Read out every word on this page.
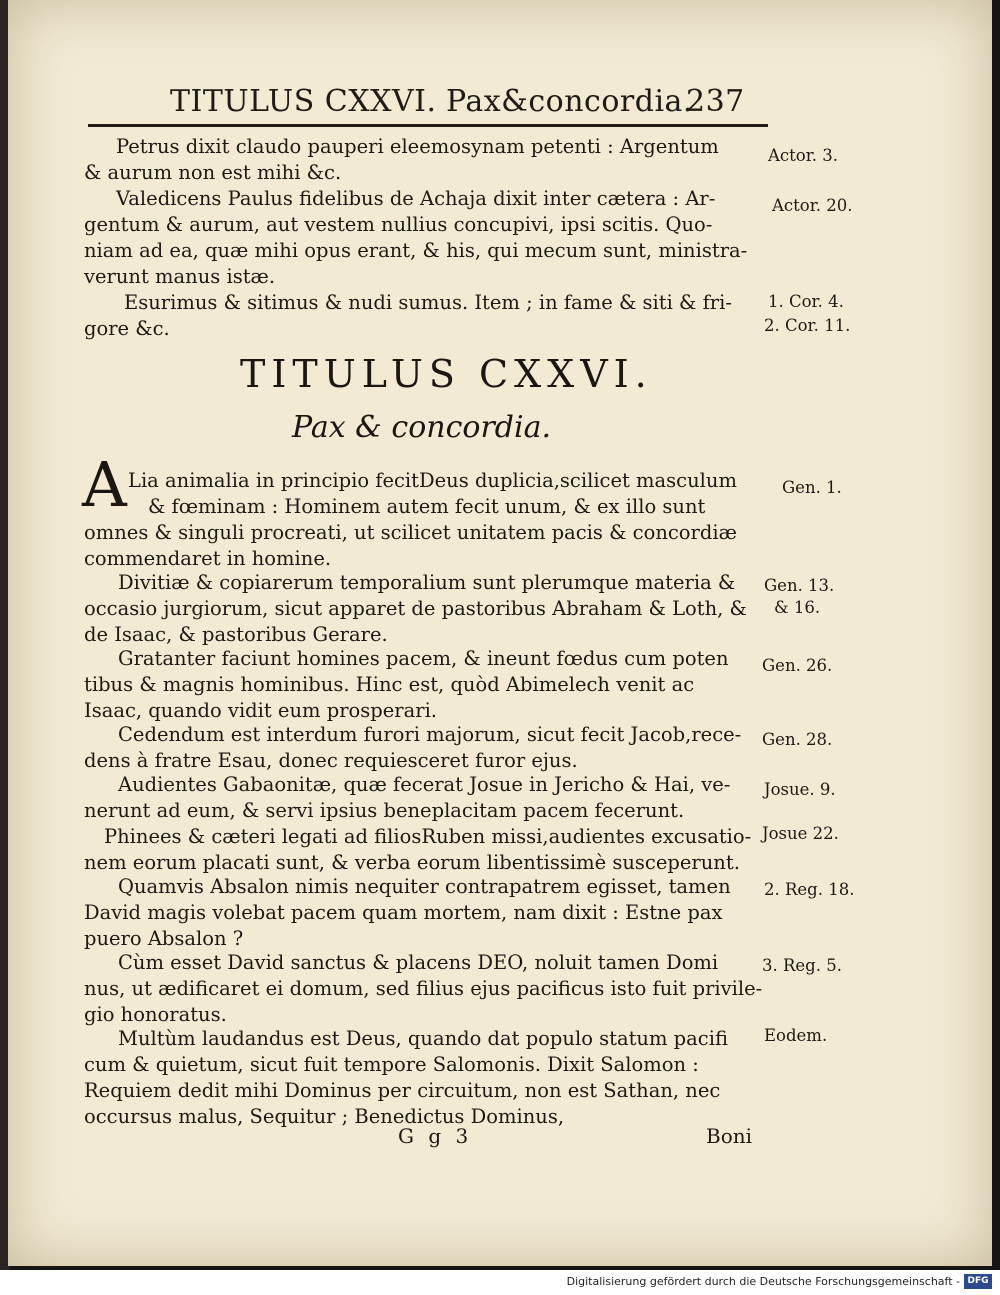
TITULUS CXXVI. Pax&concordia.
237
Petrus dixit claudo pauperi eleemosynam petenti : Argentum
& aurum non est mihi &c.
Valedicens Paulus fidelibus de Achaja dixit inter cætera : Ar-
gentum & aurum, aut vestem nullius concupivi, ipsi scitis. Quo-
niam ad ea, quæ mihi opus erant, & his, qui mecum sunt, ministra-
verunt manus istæ.
Esurimus & sitimus & nudi sumus. Item ; in fame & siti & fri-
gore &c.
Actor. 3.
Actor. 20.
1. Cor. 4.
2. Cor. 11.
TITULUS CXXVI.
Pax & concordia.
A Lia animalia in principio fecitDeus duplicia,scilicet masculum
& fœminam : Hominem autem fecit unum, & ex illo sunt
omnes & singuli procreati, ut scilicet unitatem pacis & concordiæ
commendaret in homine.
Divitiæ & copiarerum temporalium sunt plerumque materia &
occasio jurgiorum, sicut apparet de pastoribus Abraham & Loth, &
de Isaac, & pastoribus Gerare.
Gratanter faciunt homines pacem, & ineunt fœdus cum poten
tibus & magnis hominibus. Hinc est, quòd Abimelech venit ac
Isaac, quando vidit eum prosperari.
Cedendum est interdum furori majorum, sicut fecit Jacob,rece-
dens à fratre Esau, donec requiesceret furor ejus.
Audientes Gabaonitæ, quæ fecerat Josue in Jericho & Hai, ve-
nerunt ad eum, & servi ipsius beneplacitam pacem fecerunt.
Phinees & cæteri legati ad filiosRuben missi,audientes excusatio-
nem eorum placati sunt, & verba eorum libentissimè susceperunt.
Quamvis Absalon nimis nequiter contrapatrem egisset, tamen
David magis volebat pacem quam mortem, nam dixit : Estne pax
puero Absalon ?
Cùm esset David sanctus & placens DEO, noluit tamen Domi
nus, ut ædificaret ei domum, sed filius ejus pacificus isto fuit privile-
gio honoratus.
Multùm laudandus est Deus, quando dat populo statum pacifi
cum & quietum, sicut fuit tempore Salomonis. Dixit Salomon :
Requiem dedit mihi Dominus per circuitum, non est Sathan, nec
occursus malus, Sequitur ; Benedictus Dominus,
Gen. 1.
Gen. 13.
& 16.
Gen. 26.
Gen. 28.
Josue. 9.
Josue 22.
2. Reg. 18.
3. Reg. 5.
Eodem.
G g 3	Boni
Digitalisierung gefördert durch die Deutsche Forschungsgemeinschaft - DFG
